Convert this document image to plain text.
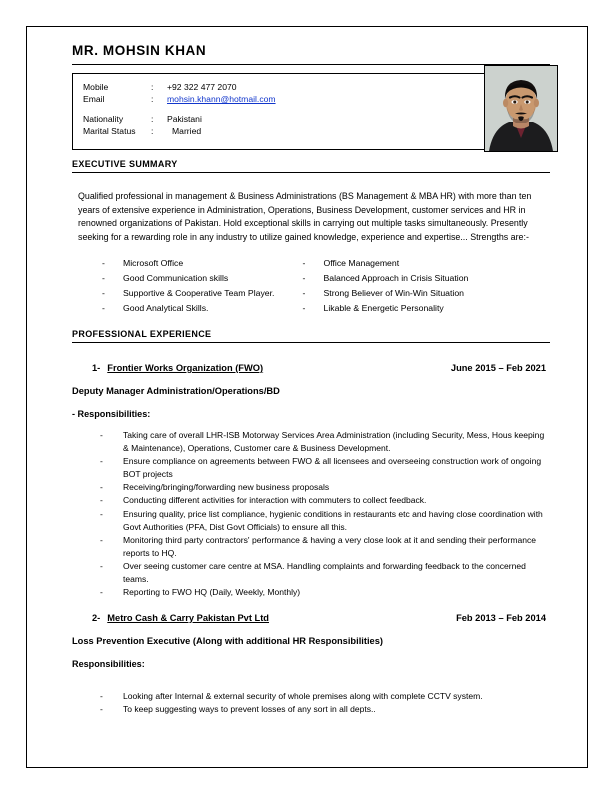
MR. MOHSIN KHAN
Mobile	:	+92 322 477 2070
Email	:	mohsin.khann@hotmail.com

Nationality	:	Pakistani
Marital Status	:	Married
EXECUTIVE SUMMARY
Qualified professional in management & Business Administrations (BS Management & MBA HR) with more than ten years of extensive experience in Administration, Operations, Business Development, customer services and HR in renowned organizations of Pakistan. Hold exceptional skills in carrying out multiple tasks simultaneously. Presently seeking for a rewarding role in any industry to utilize gained knowledge, experience and expertise... Strengths are:-
-	Microsoft Office
-	Good Communication skills
-	Supportive & Cooperative Team Player.
-	Good Analytical Skills.
-	Office Management
-	Balanced Approach in Crisis Situation
-	Strong Believer of Win-Win Situation
-	Likable & Energetic Personality
PROFESSIONAL EXPERIENCE
1- Frontier Works Organization (FWO)	June 2015 – Feb 2021
Deputy Manager Administration/Operations/BD
- Responsibilities:
-	Taking care of overall LHR-ISB Motorway Services Area Administration (including Security, Mess, Hous keeping & Maintenance), Operations, Customer care & Business Development.
-	Ensure compliance on agreements between FWO & all licensees and overseeing construction work of ongoing BOT projects
-	Receiving/bringing/forwarding new business proposals
-	Conducting different activities for interaction with commuters to collect feedback.
-	Ensuring quality, price list compliance, hygienic conditions in restaurants etc and having close coordination with Govt Authorities (PFA, Dist Govt Officials) to ensure all this.
-	Monitoring third party contractors' performance & having a very close look at it and sending their performance reports to HQ.
-	Over seeing customer care centre at MSA. Handling complaints and forwarding feedback to the concerned teams.
-	Reporting to FWO HQ (Daily, Weekly, Monthly)
2- Metro Cash & Carry Pakistan Pvt Ltd	Feb 2013 – Feb 2014
Loss Prevention Executive (Along with additional HR Responsibilities)
Responsibilities:
-	Looking after Internal & external security of whole premises along with complete CCTV system.
-	To keep suggesting ways to prevent losses of any sort in all depts..
